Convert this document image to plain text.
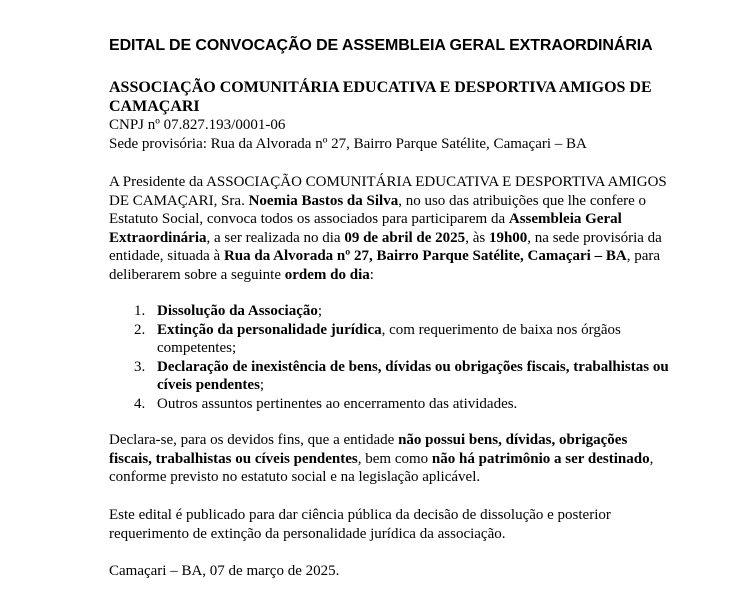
EDITAL DE CONVOCAÇÃO DE ASSEMBLEIA GERAL EXTRAORDINÁRIA
ASSOCIAÇÃO COMUNITÁRIA EDUCATIVA E DESPORTIVA AMIGOS DE CAMAÇARI
CNPJ nº 07.827.193/0001-06
Sede provisória: Rua da Alvorada nº 27, Bairro Parque Satélite, Camaçari – BA
A Presidente da ASSOCIAÇÃO COMUNITÁRIA EDUCATIVA E DESPORTIVA AMIGOS DE CAMAÇARI, Sra. Noemia Bastos da Silva, no uso das atribuições que lhe confere o Estatuto Social, convoca todos os associados para participarem da Assembleia Geral Extraordinária, a ser realizada no dia 09 de abril de 2025, às 19h00, na sede provisória da entidade, situada à Rua da Alvorada nº 27, Bairro Parque Satélite, Camaçari – BA, para deliberarem sobre a seguinte ordem do dia:
1. Dissolução da Associação;
2. Extinção da personalidade jurídica, com requerimento de baixa nos órgãos competentes;
3. Declaração de inexistência de bens, dívidas ou obrigações fiscais, trabalhistas ou cíveis pendentes;
4. Outros assuntos pertinentes ao encerramento das atividades.
Declara-se, para os devidos fins, que a entidade não possui bens, dívidas, obrigações fiscais, trabalhistas ou cíveis pendentes, bem como não há patrimônio a ser destinado, conforme previsto no estatuto social e na legislação aplicável.
Este edital é publicado para dar ciência pública da decisão de dissolução e posterior requerimento de extinção da personalidade jurídica da associação.
Camaçari – BA, 07 de março de 2025.
